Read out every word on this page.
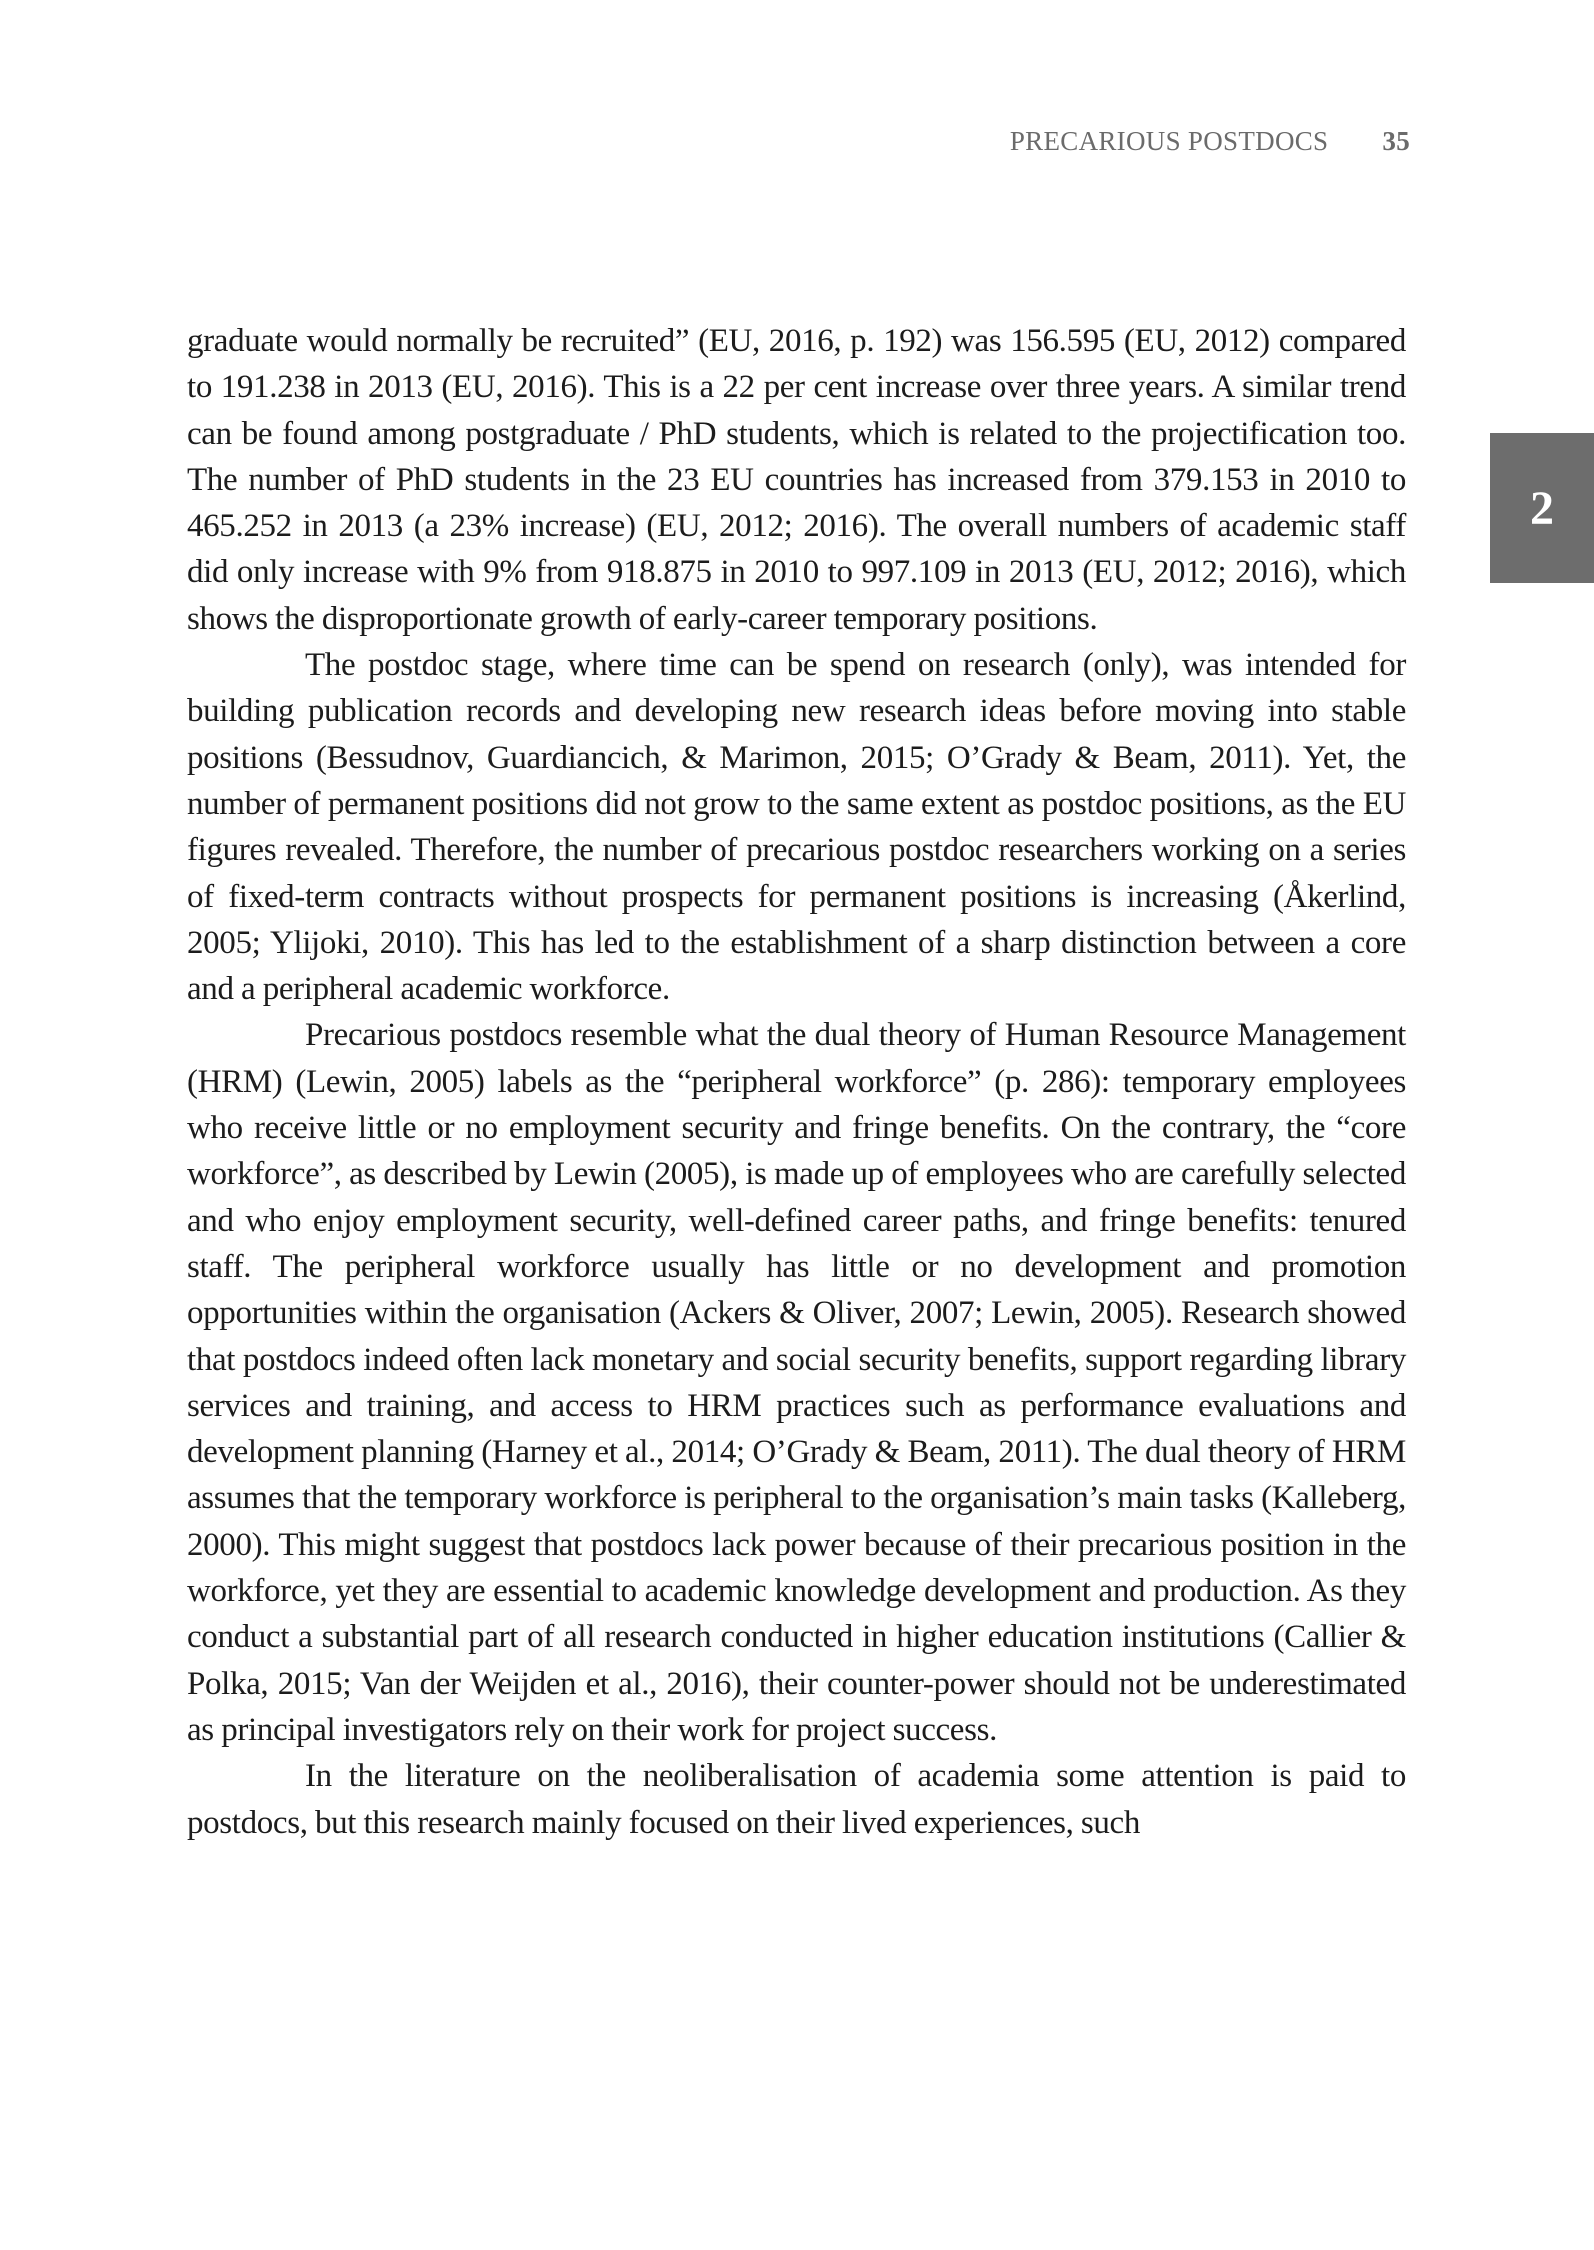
PRECARIOUS POSTDOCS 35
2

graduate would normally be recruited” (EU, 2016, p. 192) was 156.595 (EU, 2012) compared to 191.238 in 2013 (EU, 2016). This is a 22 per cent increase over three years. A similar trend can be found among postgraduate / PhD students, which is related to the projectification too. The number of PhD students in the 23 EU countries has increased from 379.153 in 2010 to 465.252 in 2013 (a 23% increase) (EU, 2012; 2016). The overall numbers of academic staff did only increase with 9% from 918.875 in 2010 to 997.109 in 2013 (EU, 2012; 2016), which shows the disproportionate growth of early-career temporary positions.

The postdoc stage, where time can be spend on research (only), was intended for building publication records and developing new research ideas before moving into stable positions (Bessudnov, Guardiancich, & Marimon, 2015; O’Grady & Beam, 2011). Yet, the number of permanent positions did not grow to the same extent as postdoc positions, as the EU figures revealed. Therefore, the number of precarious postdoc researchers working on a series of fixed-term contracts without prospects for permanent positions is increasing (Åkerlind, 2005; Ylijoki, 2010). This has led to the establishment of a sharp distinction between a core and a peripheral academic workforce.

Precarious postdocs resemble what the dual theory of Human Resource Management (HRM) (Lewin, 2005) labels as the “peripheral workforce” (p. 286): temporary employees who receive little or no employment security and fringe benefits. On the contrary, the “core workforce”, as described by Lewin (2005), is made up of employees who are carefully selected and who enjoy employment security, well-defined career paths, and fringe benefits: tenured staff. The peripheral workforce usually has little or no development and promotion opportunities within the organisation (Ackers & Oliver, 2007; Lewin, 2005). Research showed that postdocs indeed often lack monetary and social security benefits, support regarding library services and training, and access to HRM practices such as performance evaluations and development planning (Harney et al., 2014; O’Grady & Beam, 2011). The dual theory of HRM assumes that the temporary workforce is peripheral to the organisation’s main tasks (Kalleberg, 2000). This might suggest that postdocs lack power because of their precarious position in the workforce, yet they are essential to academic knowledge development and production. As they conduct a substantial part of all research conducted in higher education institutions (Callier & Polka, 2015; Van der Weijden et al., 2016), their counter-power should not be underestimated as principal investigators rely on their work for project success.

In the literature on the neoliberalisation of academia some attention is paid to postdocs, but this research mainly focused on their lived experiences, such
